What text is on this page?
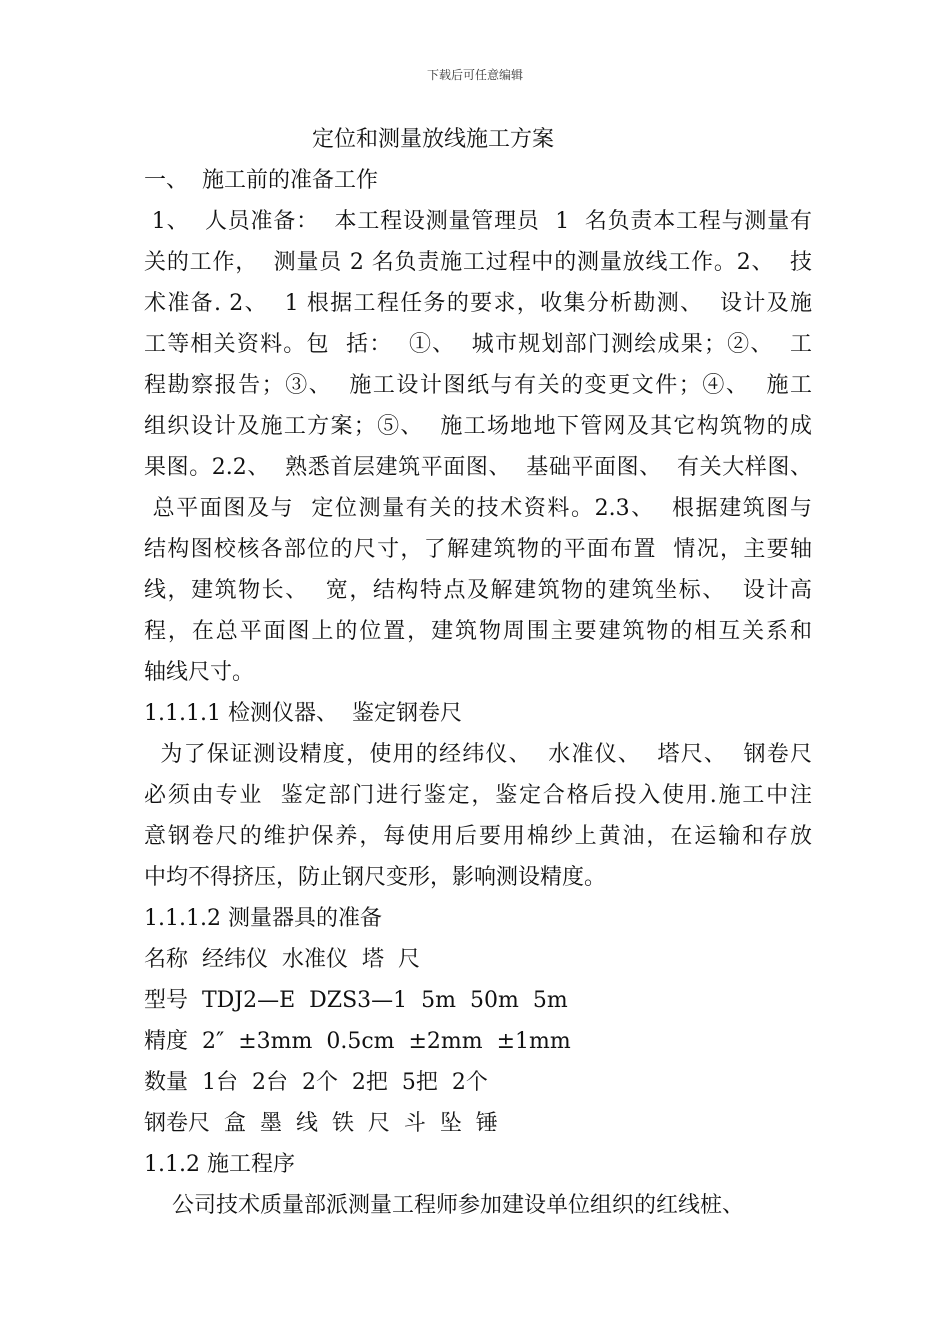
下载后可任意编辑
定位和测量放线施工方案
一、  施工前的准备工作
1、  人员准备：  本工程设测量管理员  1  名负责本工程与测量有
关的工作，  测量员 2 名负责施工过程中的测量放线工作。2、  技
术准备. 2、  1 根据工程任务的要求，收集分析勘测、  设计及施
工等相关资料。包  括：  ①、  城市规划部门测绘成果；②、  工
程勘察报告；③、  施工设计图纸与有关的变更文件；④、  施工
组织设计及施工方案；⑤、  施工场地地下管网及其它构筑物的成
果图。2.2、  熟悉首层建筑平面图、  基础平面图、  有关大样图、
总平面图及与  定位测量有关的技术资料。2.3、  根据建筑图与
结构图校核各部位的尺寸，了解建筑物的平面布置  情况，主要轴
线，建筑物长、  宽，结构特点及解建筑物的建筑坐标、  设计高
程，在总平面图上的位置，建筑物周围主要建筑物的相互关系和
轴线尺寸。
1.1.1.1 检测仪器、  鉴定钢卷尺
为了保证测设精度，使用的经纬仪、  水准仪、  塔尺、  钢卷尺
必须由专业  鉴定部门进行鉴定，鉴定合格后投入使用.施工中注
意钢卷尺的维护保养，每使用后要用棉纱上黄油，在运输和存放
中均不得挤压，防止钢尺变形，影响测设精度。
1.1.1.2 测量器具的准备
名称  经纬仪  水准仪  塔  尺
型号  TDJ2—E  DZS3—1  5m  50m  5m
精度  2″  ±3mm  0.5cm  ±2mm  ±1mm
数量  1台  2台  2个  2把  5把  2个
钢卷尺  盒  墨  线  铁  尺  斗  坠  锤
1.1.2 施工程序
公司技术质量部派测量工程师参加建设单位组织的红线桩、
